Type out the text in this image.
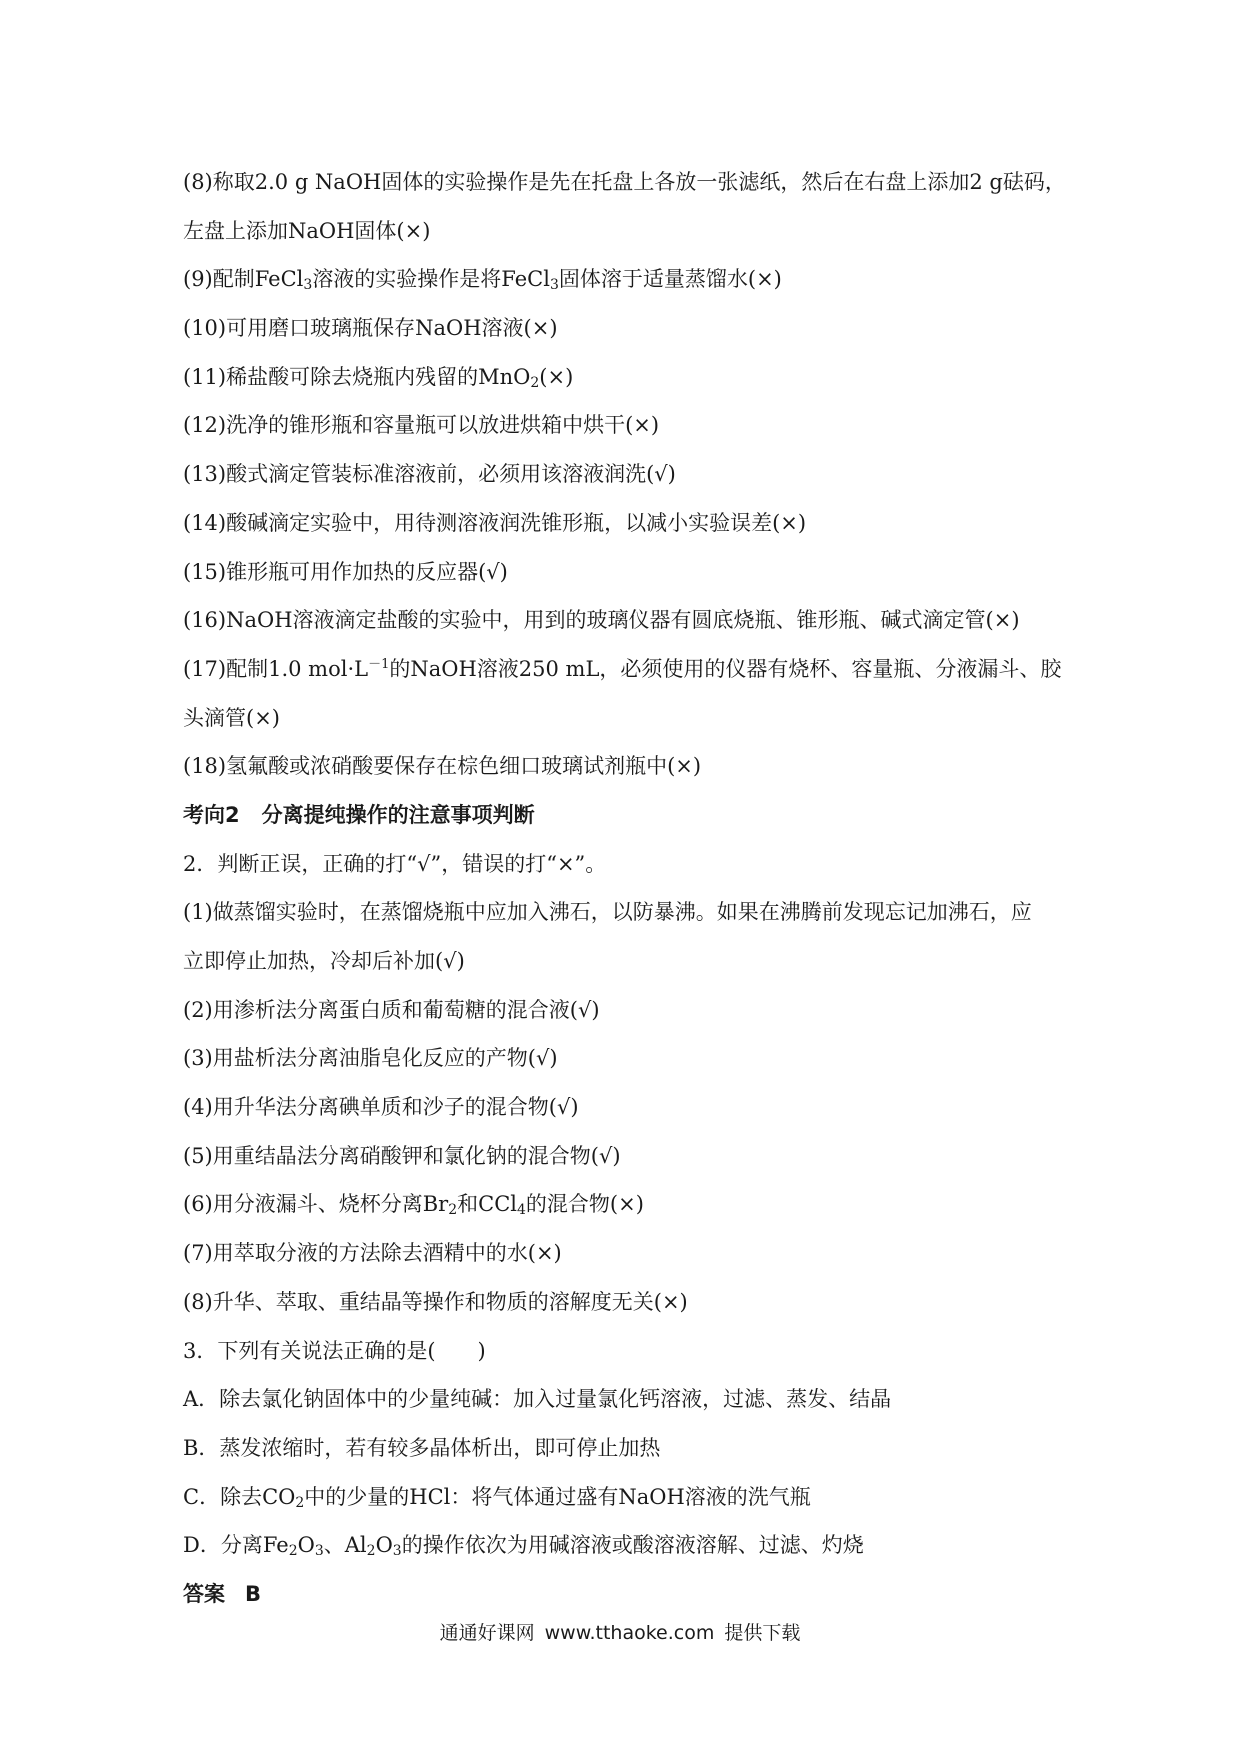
(8)称取2.0 g NaOH固体的实验操作是先在托盘上各放一张滤纸，然后在右盘上添加2 g砝码，
左盘上添加NaOH固体(×)
(9)配制FeCl$_3$溶液的实验操作是将FeCl$_3$固体溶于适量蒸馏水(×)
(10)可用磨口玻璃瓶保存NaOH溶液(×)
(11)稀盐酸可除去烧瓶内残留的MnO$_2$(×)
(12)洗净的锥形瓶和容量瓶可以放进烘箱中烘干(×)
(13)酸式滴定管装标准溶液前，必须用该溶液润洗(√)
(14)酸碱滴定实验中，用待测溶液润洗锥形瓶，以减小实验误差(×)
(15)锥形瓶可用作加热的反应器(√)
(16)NaOH溶液滴定盐酸的实验中，用到的玻璃仪器有圆底烧瓶、锥形瓶、碱式滴定管(×)
(17)配制1.0 $mol\cdot L^{-1}$的NaOH溶液250 mL，必须使用的仪器有烧杯、容量瓶、分液漏斗、胶
头滴管(×)
(18)氢氟酸或浓硝酸要保存在棕色细口玻璃试剂瓶中(×)
考向2 分离提纯操作的注意事项判断
2．判断正误，正确的打“√”，错误的打“×”。
(1)做蒸馏实验时，在蒸馏烧瓶中应加入沸石，以防暴沸。如果在沸腾前发现忘记加沸石，应
立即停止加热，冷却后补加(√)
(2)用渗析法分离蛋白质和葡萄糖的混合液(√)
(3)用盐析法分离油脂皂化反应的产物(√)
(4)用升华法分离碘单质和沙子的混合物(√)
(5)用重结晶法分离硝酸钾和氯化钠的混合物(√)
(6)用分液漏斗、烧杯分离$Br_2$和CCl$_4$的混合物(×)
(7)用萃取分液的方法除去酒精中的水(×)
(8)升华、萃取、重结晶等操作和物质的溶解度无关(×)
3．下列有关说法正确的是(　　)
A．除去氯化钠固体中的少量纯碱：加入过量氯化钙溶液，过滤、蒸发、结晶
B．蒸发浓缩时，若有较多晶体析出，即可停止加热
C．除去$CO_2$中的少量的HCl：将气体通过盛有NaOH溶液的洗气瓶
D．分离$Fe_2O_3$、$Al_2O_3$的操作依次为用碱溶液或酸溶液溶解、过滤、灼烧
答案 B
通通好课网 www.tthaoke.com 提供下载
